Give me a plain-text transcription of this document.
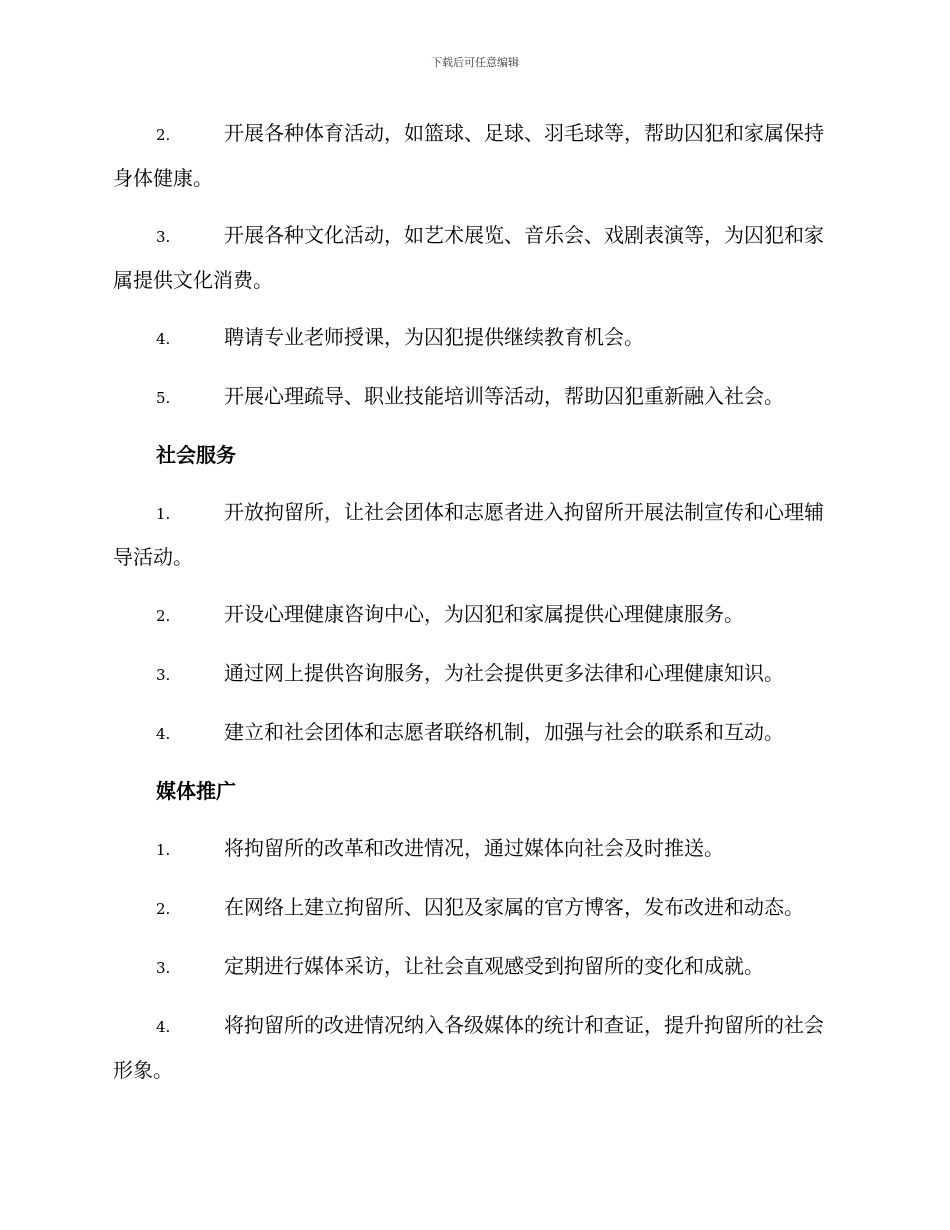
下载后可任意编辑

2.	开展各种体育活动，如篮球、足球、羽毛球等，帮助囚犯和家属保持身体健康。

3.	开展各种文化活动，如艺术展览、音乐会、戏剧表演等，为囚犯和家属提供文化消费。

4.	聘请专业老师授课，为囚犯提供继续教育机会。

5.	开展心理疏导、职业技能培训等活动，帮助囚犯重新融入社会。

社会服务

1.	开放拘留所，让社会团体和志愿者进入拘留所开展法制宣传和心理辅导活动。

2.	开设心理健康咨询中心，为囚犯和家属提供心理健康服务。

3.	通过网上提供咨询服务，为社会提供更多法律和心理健康知识。

4.	建立和社会团体和志愿者联络机制，加强与社会的联系和互动。

媒体推广

1.	将拘留所的改革和改进情况，通过媒体向社会及时推送。

2.	在网络上建立拘留所、囚犯及家属的官方博客，发布改进和动态。

3.	定期进行媒体采访，让社会直观感受到拘留所的变化和成就。

4.	将拘留所的改进情况纳入各级媒体的统计和查证，提升拘留所的社会形象。
